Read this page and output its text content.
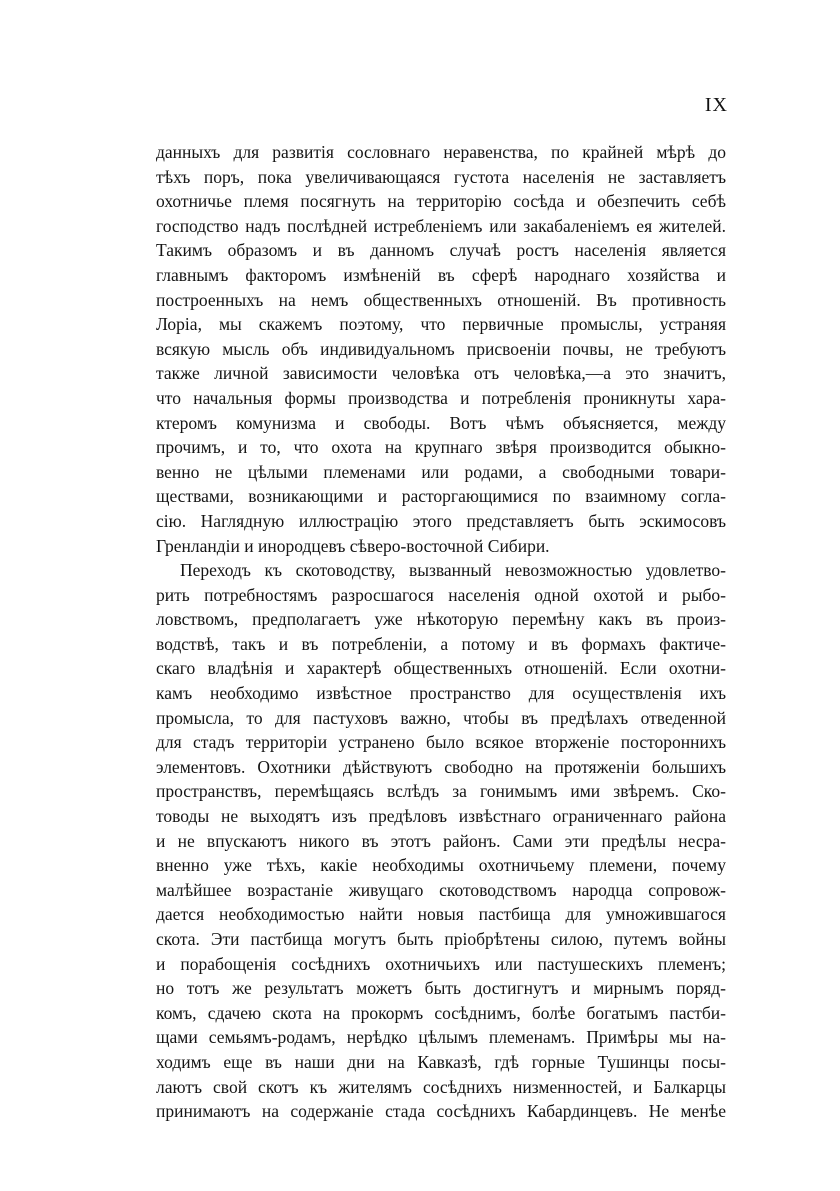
IX
данныхъ для развитія сословнаго неравенства, по крайней мѣрѣ до
тѣхъ поръ, пока увеличивающаяся густота населенія не заставляетъ
охотничье племя посягнуть на территорію сосѣда и обезпечить себѣ
господство надъ послѣдней истребленіемъ или закабаленіемъ ея жителей.
Такимъ образомъ и въ данномъ случаѣ ростъ населенія является
главнымъ факторомъ измѣненій въ сферѣ народнаго хозяйства и
построенныхъ на немъ общественныхъ отношеній. Въ противность
Лоріа, мы скажемъ поэтому, что первичные промыслы, устраняя
всякую мысль объ индивидуальномъ присвоеніи почвы, не требуютъ
также личной зависимости человѣка отъ человѣка,—а это значитъ,
что начальныя формы производства и потребленія проникнуты хара-
ктеромъ комунизма и свободы. Вотъ чѣмъ объясняется, между
прочимъ, и то, что охота на крупнаго звѣря производится обыкно-
венно не цѣлыми племенами или родами, а свободными товари-
ществами, возникающими и расторгающимися по взаимному согла-
сію. Наглядную иллюстрацію этого представляетъ быть эскимосовъ
Гренландіи и инородцевъ сѣверо-восточной Сибири.
Переходъ къ скотоводству, вызванный невозможностью удовлетво-
рить потребностямъ разросшагося населенія одной охотой и рыбо-
ловствомъ, предполагаетъ уже нѣкоторую перемѣну какъ въ произ-
водствѣ, такъ и въ потребленіи, а потому и въ формахъ фактиче-
скаго владѣнія и характерѣ общественныхъ отношеній. Если охотни-
камъ необходимо извѣстное пространство для осуществленія ихъ
промысла, то для пастуховъ важно, чтобы въ предѣлахъ отведенной
для стадъ территоріи устранено было всякое вторженіе постороннихъ
элементовъ. Охотники дѣйствуютъ свободно на протяженіи большихъ
пространствъ, перемѣщаясь вслѣдъ за гонимымъ ими звѣремъ. Ско-
товоды не выходятъ изъ предѣловъ извѣстнаго ограниченнаго района
и не впускаютъ никого въ этотъ районъ. Сами эти предѣлы несра-
вненно уже тѣхъ, какіе необходимы охотничьему племени, почему
малѣйшее возрастаніе живущаго скотоводствомъ народца сопровож-
дается необходимостью найти новыя пастбища для умножившагося
скота. Эти пастбища могутъ быть пріобрѣтены силою, путемъ войны
и порабощенія сосѣднихъ охотничьихъ или пастушескихъ племенъ;
но тотъ же результатъ можетъ быть достигнутъ и мирнымъ поряд-
комъ, сдачею скота на прокормъ сосѣднимъ, болѣе богатымъ пастби-
щами семьямъ-родамъ, нерѣдко цѣлымъ племенамъ. Примѣры мы на-
ходимъ еще въ наши дни на Кавказѣ, гдѣ горные Тушинцы посы-
лаютъ свой скотъ къ жителямъ сосѣднихъ низменностей, и Балкарцы
принимаютъ на содержаніе стада сосѣднихъ Кабардинцевъ. Не менѣе
